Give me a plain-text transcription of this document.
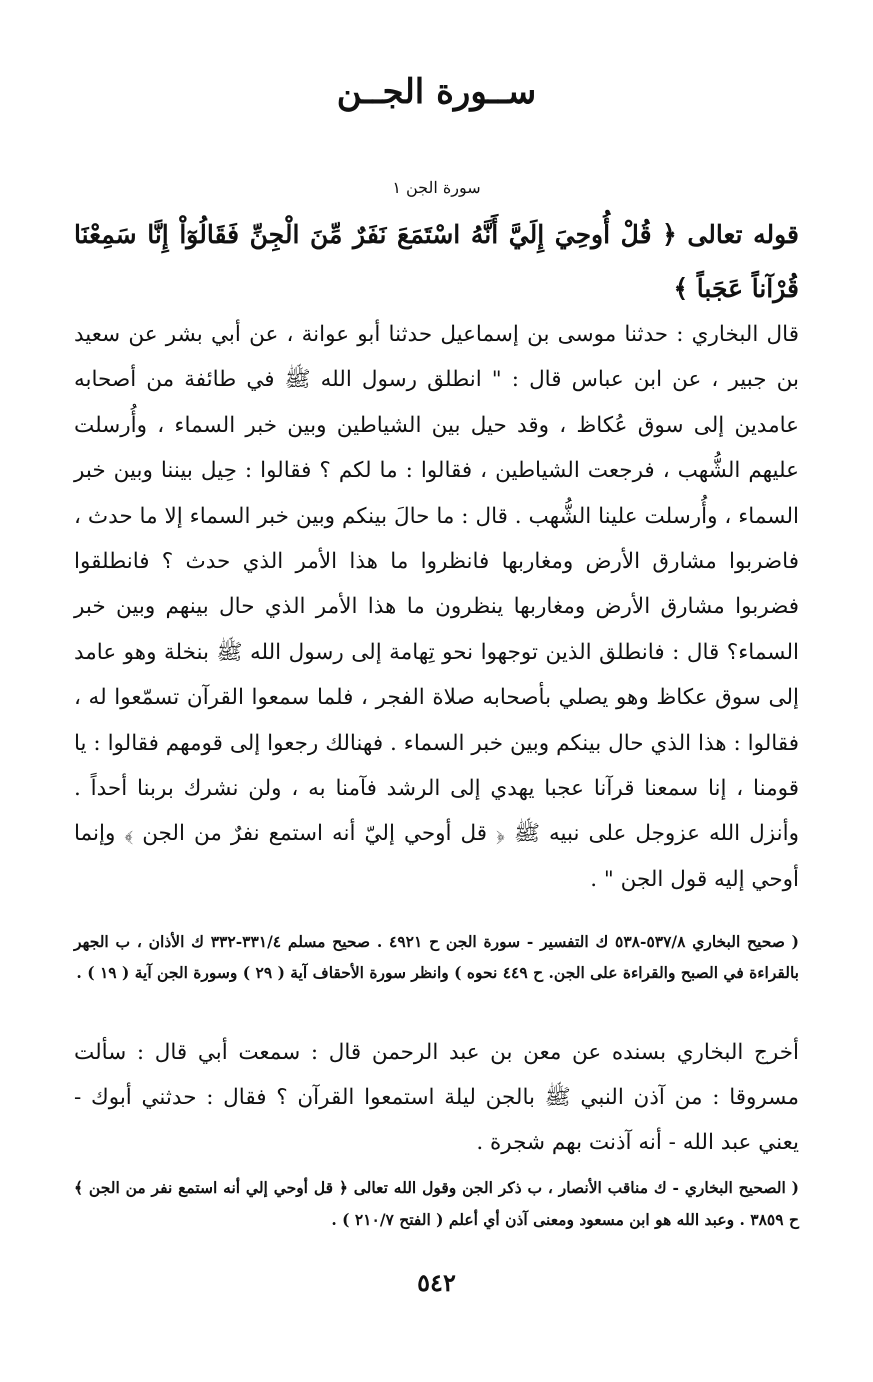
ســورة الجــن
سورة الجن ١

قوله تعالى ﴿ قُلْ أُوحِيَ إِلَيَّ أَنَّهُ اسْتَمَعَ نَفَرٌ مِّنَ الْجِنِّ فَقَالُوٓاْ إِنَّا سَمِعْنَا قُرْآناً عَجَباً ﴾

قال البخاري : حدثنا موسى بن إسماعيل حدثنا أبو عوانة ، عن أبي بشر عن سعيد بن جبير ، عن ابن عباس قال : " انطلق رسول الله ﷺ في طائفة من أصحابه عامدين إلى سوق عُكاظ ، وقد حيل بين الشياطين وبين خبر السماء ، وأُرسلت عليهم الشُّهب ، فرجعت الشياطين ، فقالوا : ما لكم ؟ فقالوا : حِيل بيننا وبين خبر السماء ، وأُرسلت علينا الشُّهب . قال : ما حالَ بينكم وبين خبر السماء إلا ما حدث ، فاضربوا مشارق الأرض ومغاربها فانظروا ما هذا الأمر الذي حدث ؟ فانطلقوا فضربوا مشارق الأرض ومغاربها ينظرون ما هذا الأمر الذي حال بينهم وبين خبر السماء؟ قال : فانطلق الذين توجهوا نحو تِهامة إلى رسول الله ﷺ بنخلة وهو عامد إلى سوق عكاظ وهو يصلي بأصحابه صلاة الفجر ، فلما سمعوا القرآن تسمّعوا له ، فقالوا : هذا الذي حال بينكم وبين خبر السماء . فهنالك رجعوا إلى قومهم فقالوا : يا قومنا ، إنا سمعنا قرآنا عجبا يهدي إلى الرشد فآمنا به ، ولن نشرك بربنا أحداً . وأنزل الله عزوجل على نبيه ﷺ ﴿ قل أوحي إليّ أنه استمع نفرٌ من الجن ﴾ وإنما أوحي إليه قول الجن " .

( صحيح البخاري ٥٣٧/٨-٥٣٨ ك التفسير - سورة الجن ح ٤٩٢١ . صحيح مسلم ٣٣١/٤-٣٣٢ ك الأذان ، ب الجهر بالقراءة في الصبح والقراءة على الجن. ح ٤٤٩ نحوه ) وانظر سورة الأحقاف آية ( ٢٩ ) وسورة الجن آية ( ١٩ ) .

أخرج البخاري بسنده عن معن بن عبد الرحمن قال : سمعت أبي قال : سألت مسروقا : من آذن النبي ﷺ بالجن ليلة استمعوا القرآن ؟ فقال : حدثني أبوك - يعني عبد الله - أنه آذنت بهم شجرة .

( الصحيح البخاري - ك مناقب الأنصار ، ب ذكر الجن وقول الله تعالى ﴿ قل أوحي إلي أنه استمع نفر من الجن ﴾ ح ٣٨٥٩ . وعبد الله هو ابن مسعود ومعنى آذن أي أعلم ( الفتح ٢١٠/٧ ) .

٥٤٢
